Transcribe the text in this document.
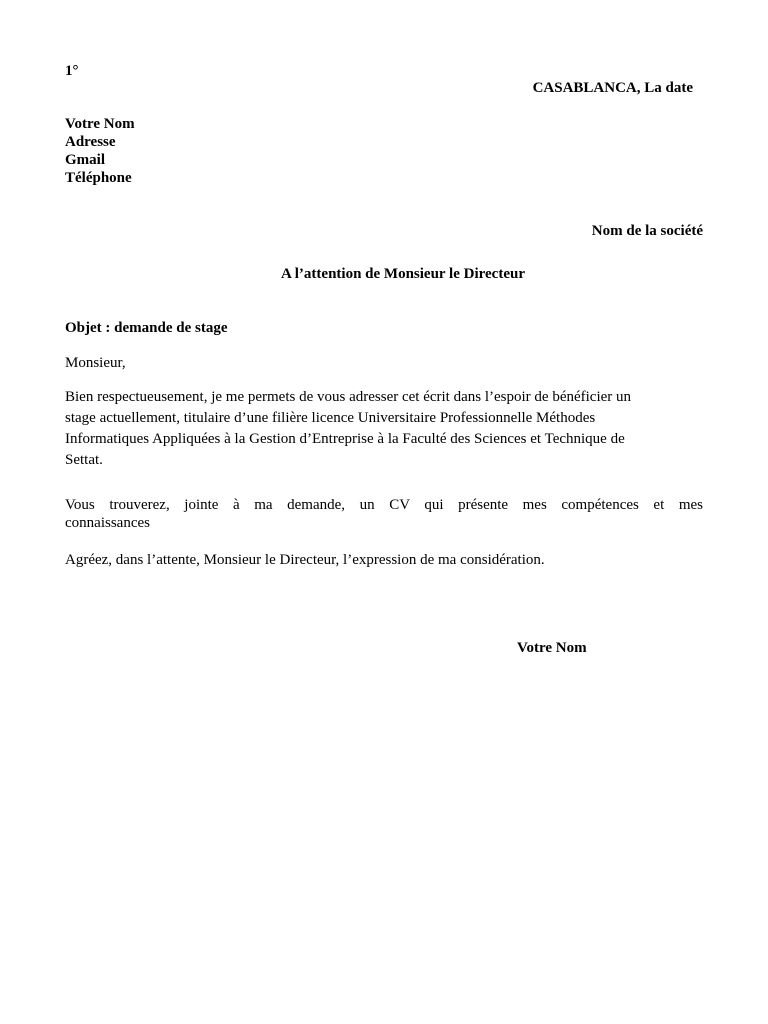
1°
CASABLANCA, La date
Votre Nom
Adresse
Gmail
Téléphone
Nom de la société
A l’attention de Monsieur le Directeur
Objet : demande de stage
Monsieur,
Bien respectueusement, je me permets de vous adresser cet écrit dans l’espoir de bénéficier un
stage actuellement, titulaire d’une filière licence Universitaire Professionnelle Méthodes
Informatiques Appliquées à la Gestion d’Entreprise à la Faculté des Sciences et Technique de
Settat.
Vous trouverez, jointe à ma demande, un CV qui présente mes compétences et mes
connaissances
Agréez, dans l’attente, Monsieur le Directeur, l’expression de ma considération.
Votre Nom
